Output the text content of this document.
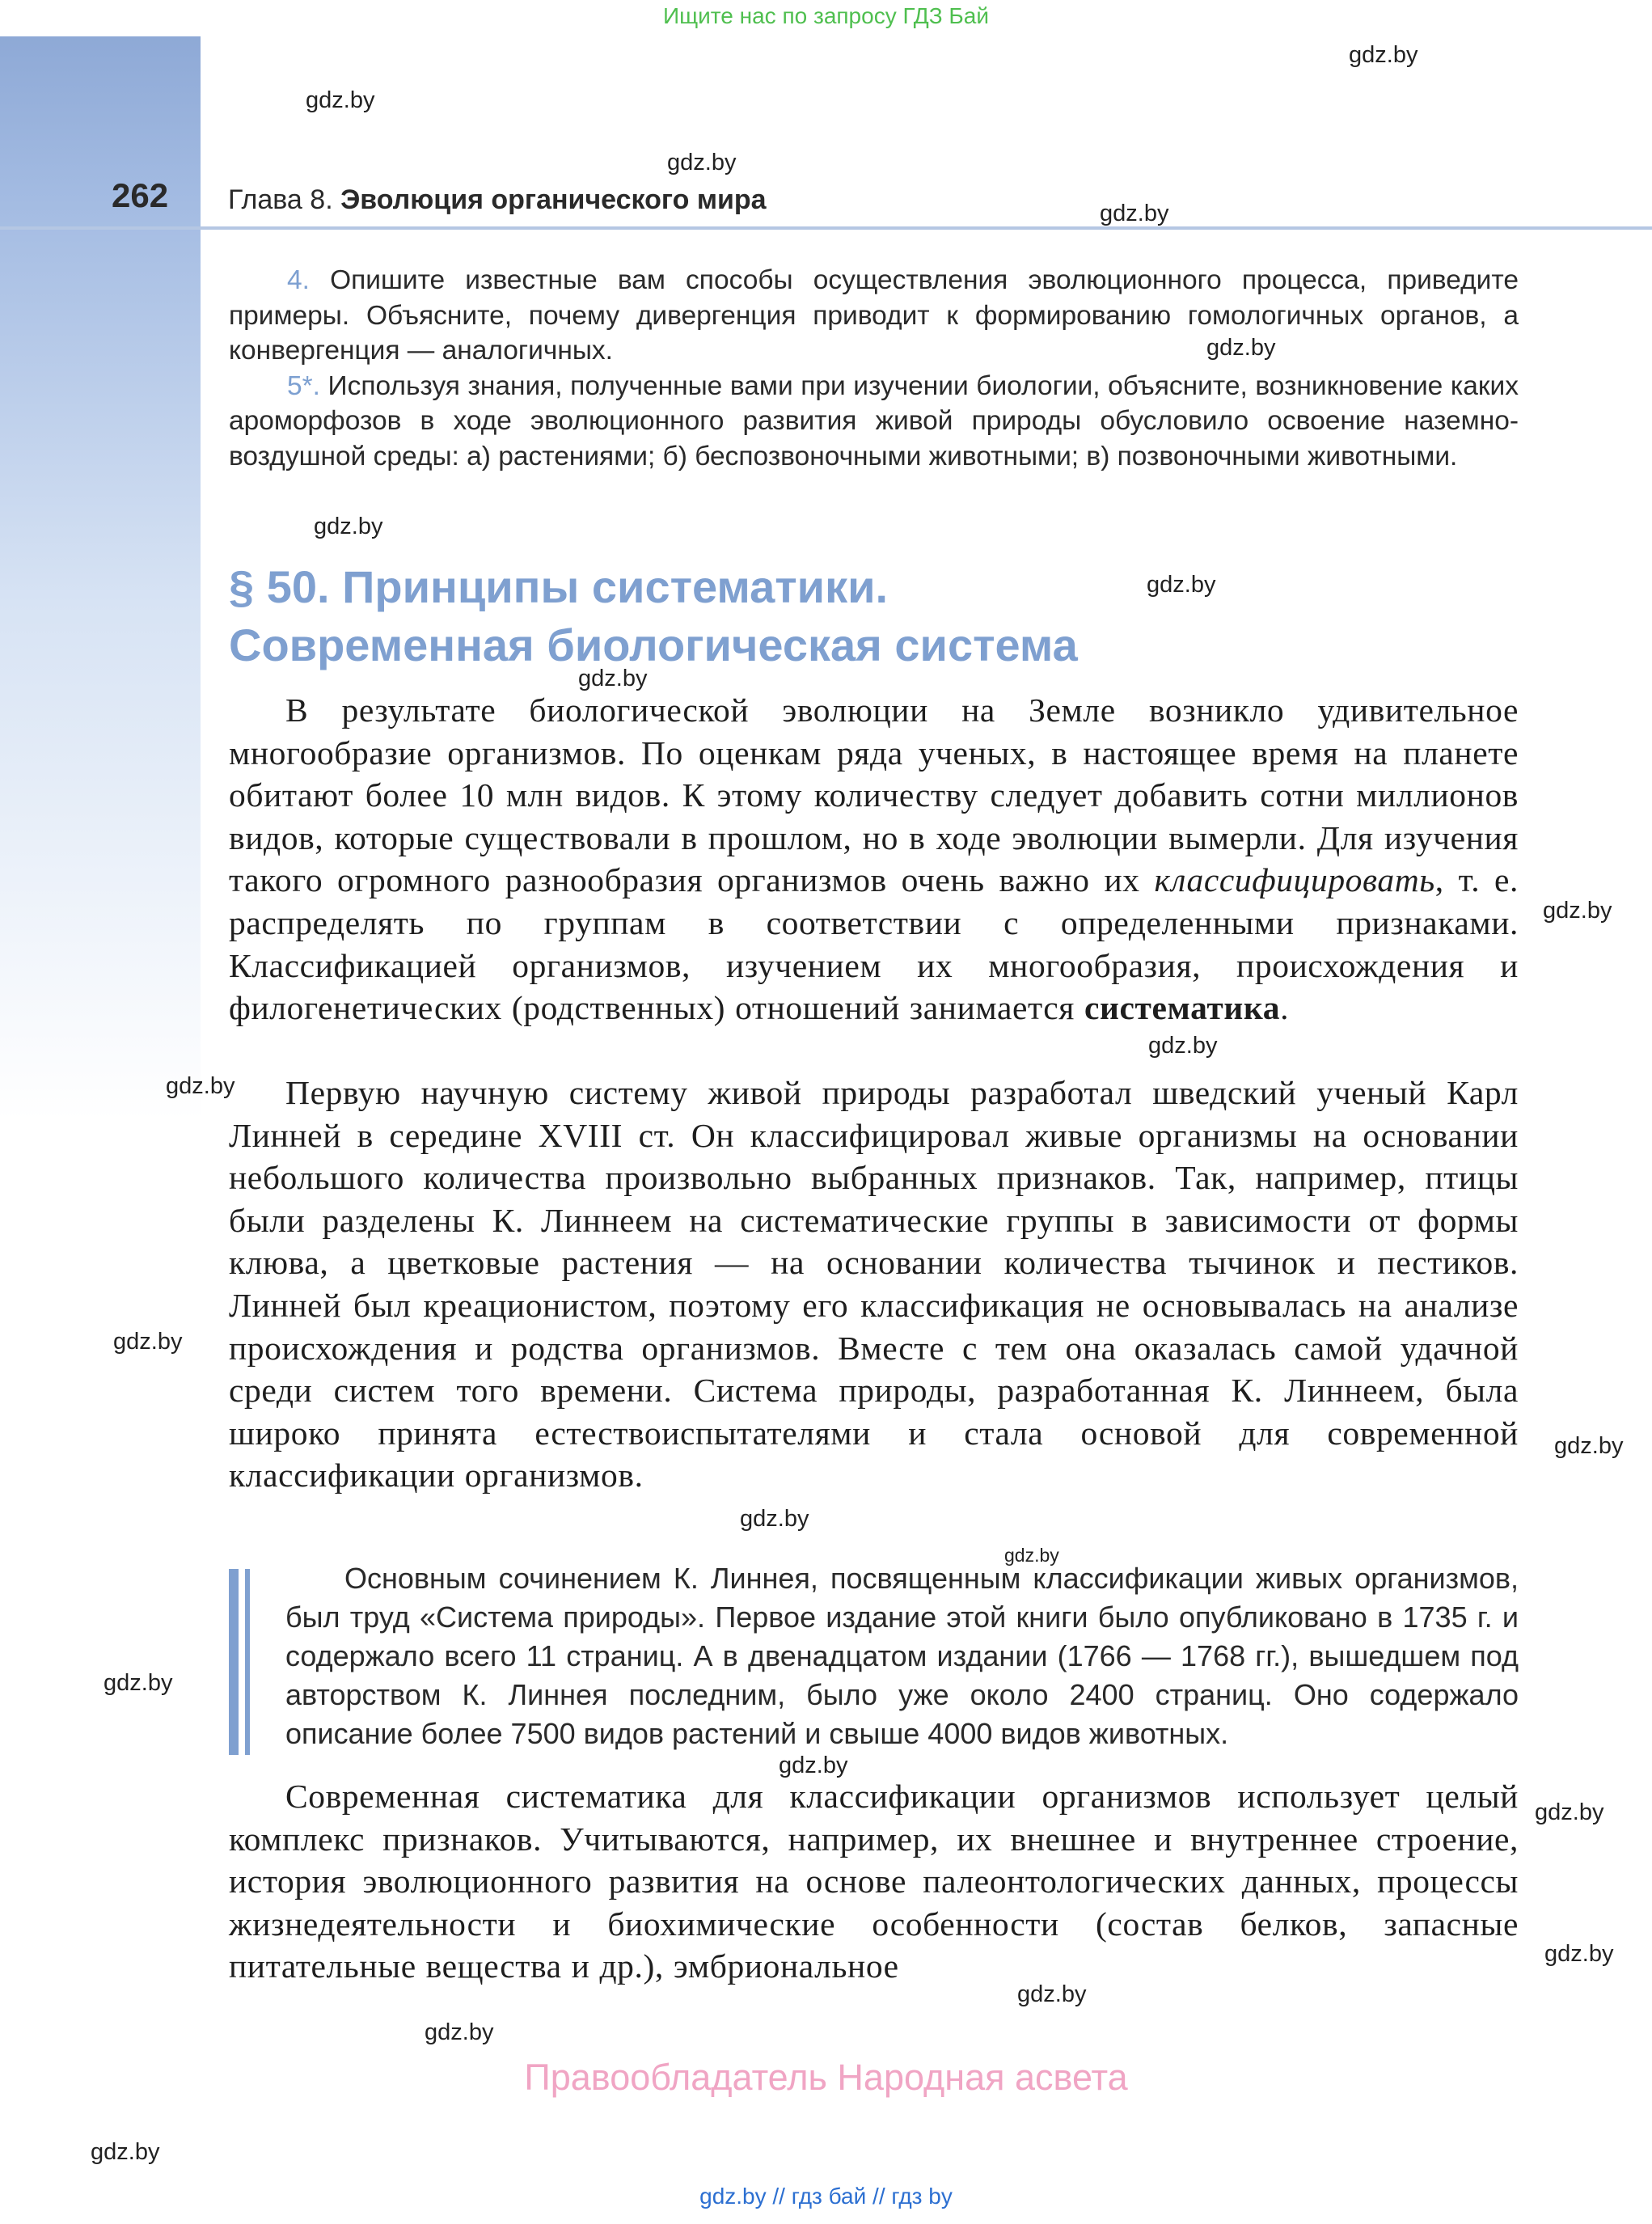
Ищите нас по запросу ГДЗ Бай
262 Глава 8. Эволюция органического мира

4. Опишите известные вам способы осуществления эволюционного процесса, приведите примеры. Объясните, почему дивергенция приводит к формированию гомологичных органов, а конвергенция — аналогичных.

5*. Используя знания, полученные вами при изучении биологии, объясните, возникновение каких ароморфозов в ходе эволюционного развития живой природы обусловило освоение наземно-воздушной среды: а) растениями; б) беспозвоночными животными; в) позвоночными животными.

§ 50. Принципы систематики.
Современная биологическая система

В результате биологической эволюции на Земле возникло удивительное многообразие организмов. По оценкам ряда ученых, в настоящее время на планете обитают более 10 млн видов. К этому количеству следует добавить сотни миллионов видов, которые существовали в прошлом, но в ходе эволюции вымерли. Для изучения такого огромного разнообразия организмов очень важно их классифицировать, т. е. распределять по группам в соответствии с определенными признаками. Классификацией организмов, изучением их многообразия, происхождения и филогенетических (родственных) отношений занимается систематика.

Первую научную систему живой природы разработал шведский ученый Карл Линней в середине XVIII ст. Он классифицировал живые организмы на основании небольшого количества произвольно выбранных признаков. Так, например, птицы были разделены К. Линнеем на систематические группы в зависимости от формы клюва, а цветковые растения — на основании количества тычинок и пестиков. Линней был креационистом, поэтому его классификация не основывалась на анализе происхождения и родства организмов. Вместе с тем она оказалась самой удачной среди систем того времени. Система природы, разработанная К. Линнеем, была широко принята естествоиспытателями и стала основой для современной классификации организмов.

Основным сочинением К. Линнея, посвященным классификации живых организмов, был труд «Система природы». Первое издание этой книги было опубликовано в 1735 г. и содержало всего 11 страниц. А в двенадцатом издании (1766 — 1768 гг.), вышедшем под авторством К. Линнея последним, было уже около 2400 страниц. Оно содержало описание более 7500 видов растений и свыше 4000 видов животных.

Современная систематика для классификации организмов использует целый комплекс признаков. Учитываются, например, их внешнее и внутреннее строение, история эволюционного развития на основе палеонтологических данных, процессы жизнедеятельности и биохимические особенности (состав белков, запасные питательные вещества и др.), эмбриональное

gdz.by
gdz.by
gdz.by
gdz.by
gdz.by
gdz.by
gdz.by
gdz.by
gdz.by
gdz.by
gdz.by
gdz.by
gdz.by
gdz.by
gdz.by
gdz.by
gdz.by
gdz.by
gdz.by
gdz.by
gdz.by
gdz.by
Правообладатель Народная асвета
gdz.by // гдз бай // гдз by
